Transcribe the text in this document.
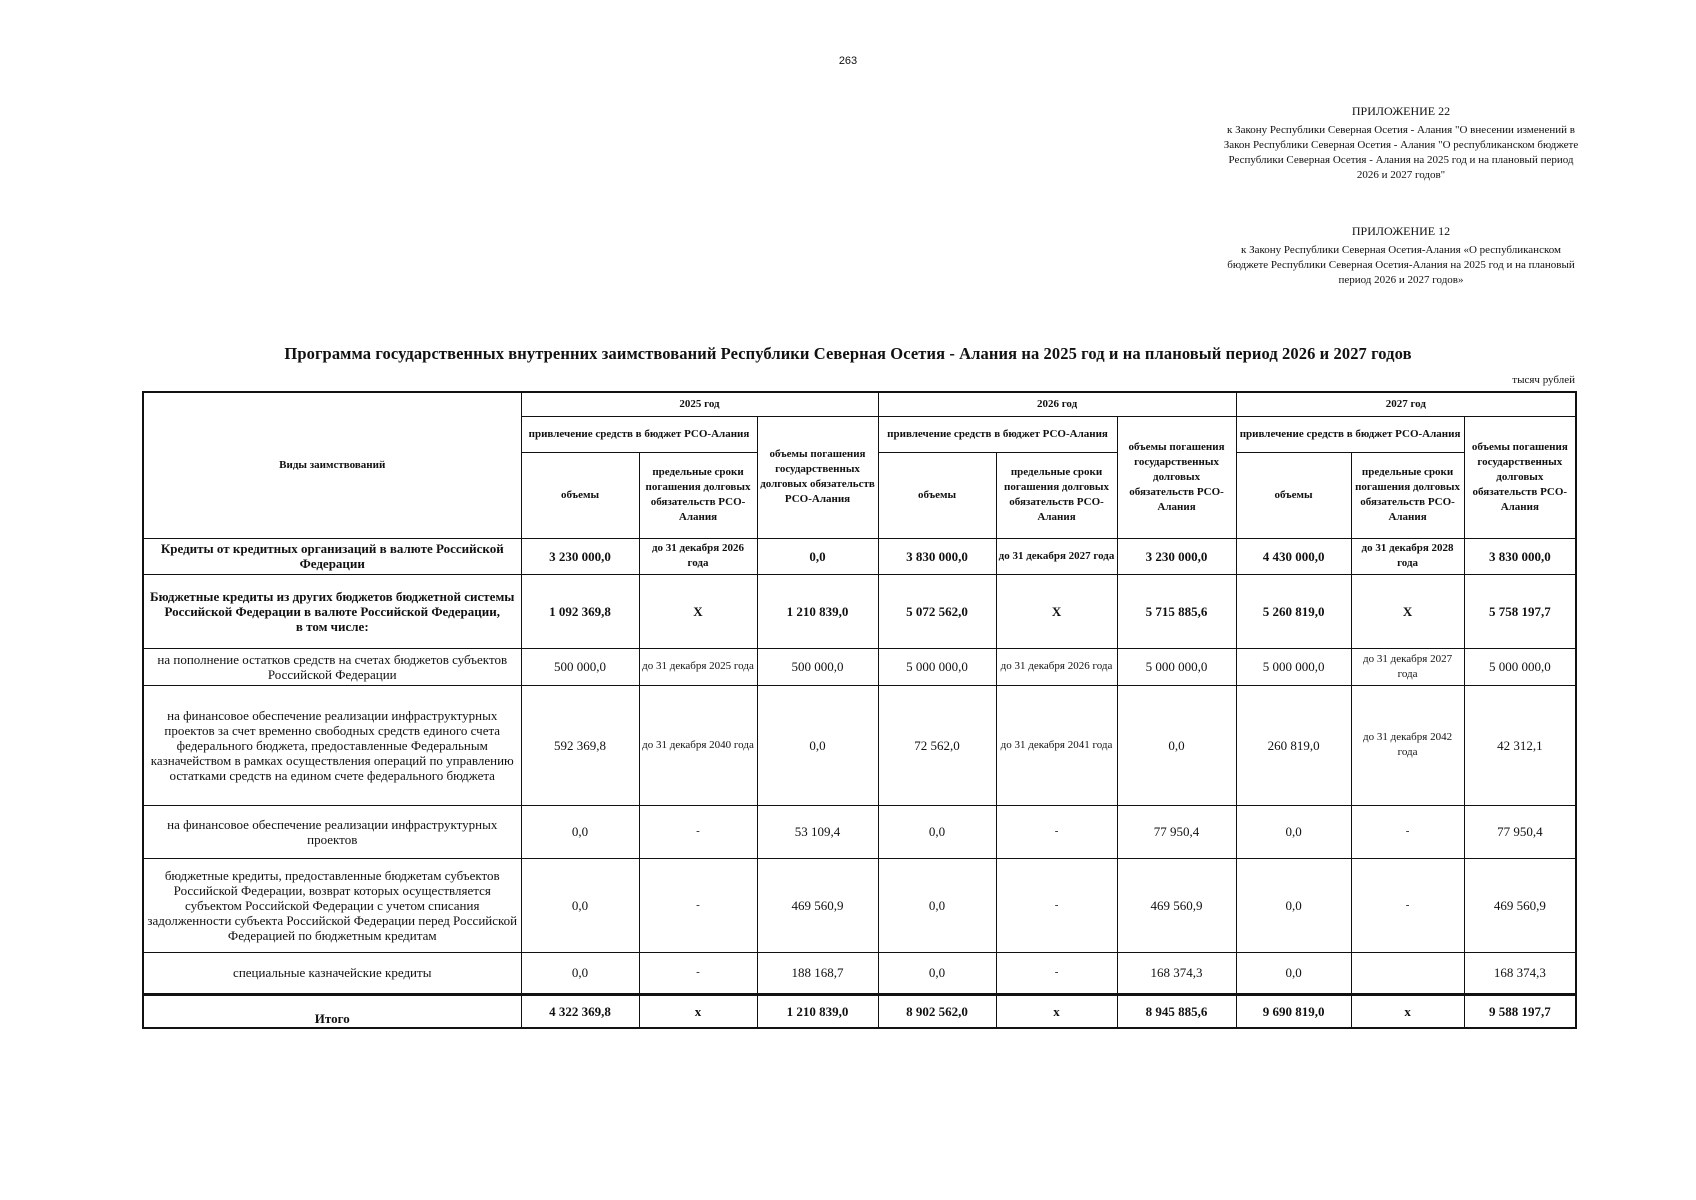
263
ПРИЛОЖЕНИЕ 22
к Закону Республики Северная Осетия - Алания "О внесении изменений в Закон Республики Северная Осетия - Алания "О республиканском бюджете Республики Северная Осетия - Алания на 2025 год и на плановый период 2026 и 2027 годов"
ПРИЛОЖЕНИЕ 12
к Закону Республики Северная Осетия-Алания «О республиканском бюджете Республики Северная Осетия-Алания на 2025 год и на плановый период 2026 и 2027 годов»
Программа государственных внутренних заимствований Республики Северная Осетия - Алания на 2025 год и на плановый период 2026 и 2027 годов
тысяч рублей
Виды заимствований	2025 год			2026 год			2027 год		
	привлечение средств в бюджет РСО-Алания		объемы погашения государственных долговых обязательств РСО-Алания	привлечение средств в бюджет РСО-Алания		объемы погашения государственных долговых обязательств РСО-Алания	привлечение средств в бюджет РСО-Алания		объемы погашения государственных долговых обязательств РСО-Алания
	объемы	предельные сроки погашения долговых обязательств РСО-Алания		объемы	предельные сроки погашения долговых обязательств РСО-Алания		объемы	предельные сроки погашения долговых обязательств РСО-Алания	
Кредиты от кредитных организаций в валюте Российской Федерации	3 230 000,0	до 31 декабря 2026 года	0,0	3 830 000,0	до 31 декабря 2027 года	3 230 000,0	4 430 000,0	до 31 декабря 2028 года	3 830 000,0
Бюджетные кредиты из других бюджетов бюджетной системы Российской Федерации в валюте Российской Федерации,
в том числе:	1 092 369,8	Х	1 210 839,0	5 072 562,0	Х	5 715 885,6	5 260 819,0	Х	5 758 197,7
на пополнение остатков средств на счетах бюджетов субъектов Российской Федерации	500 000,0	до 31 декабря 2025 года	500 000,0	5 000 000,0	до 31 декабря 2026 года	5 000 000,0	5 000 000,0	до 31 декабря 2027 года	5 000 000,0
на финансовое обеспечение реализации инфраструктурных проектов за счет временно свободных средств единого счета федерального бюджета, предоставленные Федеральным казначейством в рамках осуществления операций по управлению остатками средств на едином счете федерального бюджета	592 369,8	до 31 декабря 2040 года	0,0	72 562,0	до 31 декабря 2041 года	0,0	260 819,0	до 31 декабря 2042 года	42 312,1
на финансовое обеспечение реализации инфраструктурных проектов	0,0	-	53 109,4	0,0	-	77 950,4	0,0	-	77 950,4
бюджетные кредиты, предоставленные бюджетам субъектов Российской Федерации, возврат которых осуществляется субъектом Российской Федерации с учетом списания задолженности субъекта Российской Федерации перед Российской Федерацией по бюджетным кредитам	0,0	-	469 560,9	0,0	-	469 560,9	0,0	-	469 560,9
специальные казначейские кредиты	0,0	-	188 168,7	0,0	-	168 374,3	0,0		168 374,3
Итого	4 322 369,8	х	1 210 839,0	8 902 562,0	х	8 945 885,6	9 690 819,0	х	9 588 197,7
